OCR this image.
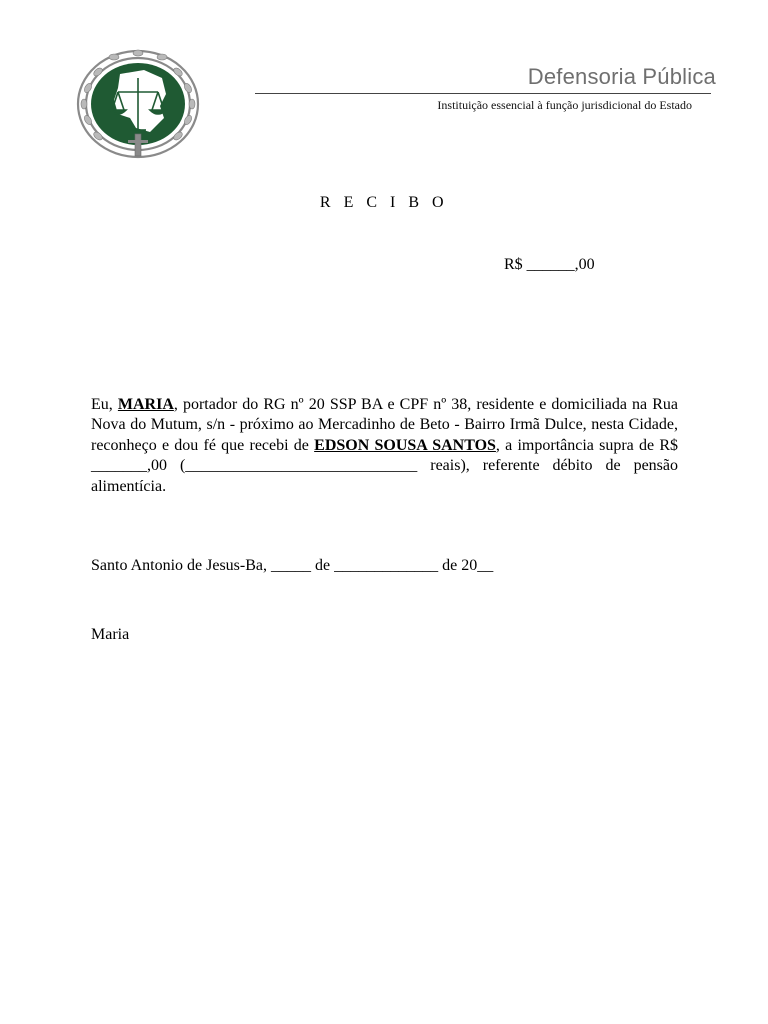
Defensoria Pública
Instituição essencial à função jurisdicional do Estado
R E C I B O
R$ ______,00
Eu, MARIA, portador do RG nº 20 SSP BA e CPF nº 38, residente e domiciliada na Rua Nova do Mutum, s/n - próximo ao Mercadinho de Beto - Bairro Irmã Dulce, nesta Cidade, reconheço e dou fé que recebi de EDSON SOUSA SANTOS, a importância supra de R$ _______,00 (_____________________________ reais), referente débito de pensão alimentícia.
Santo Antonio de Jesus-Ba, _____ de _____________ de 20__
Maria
